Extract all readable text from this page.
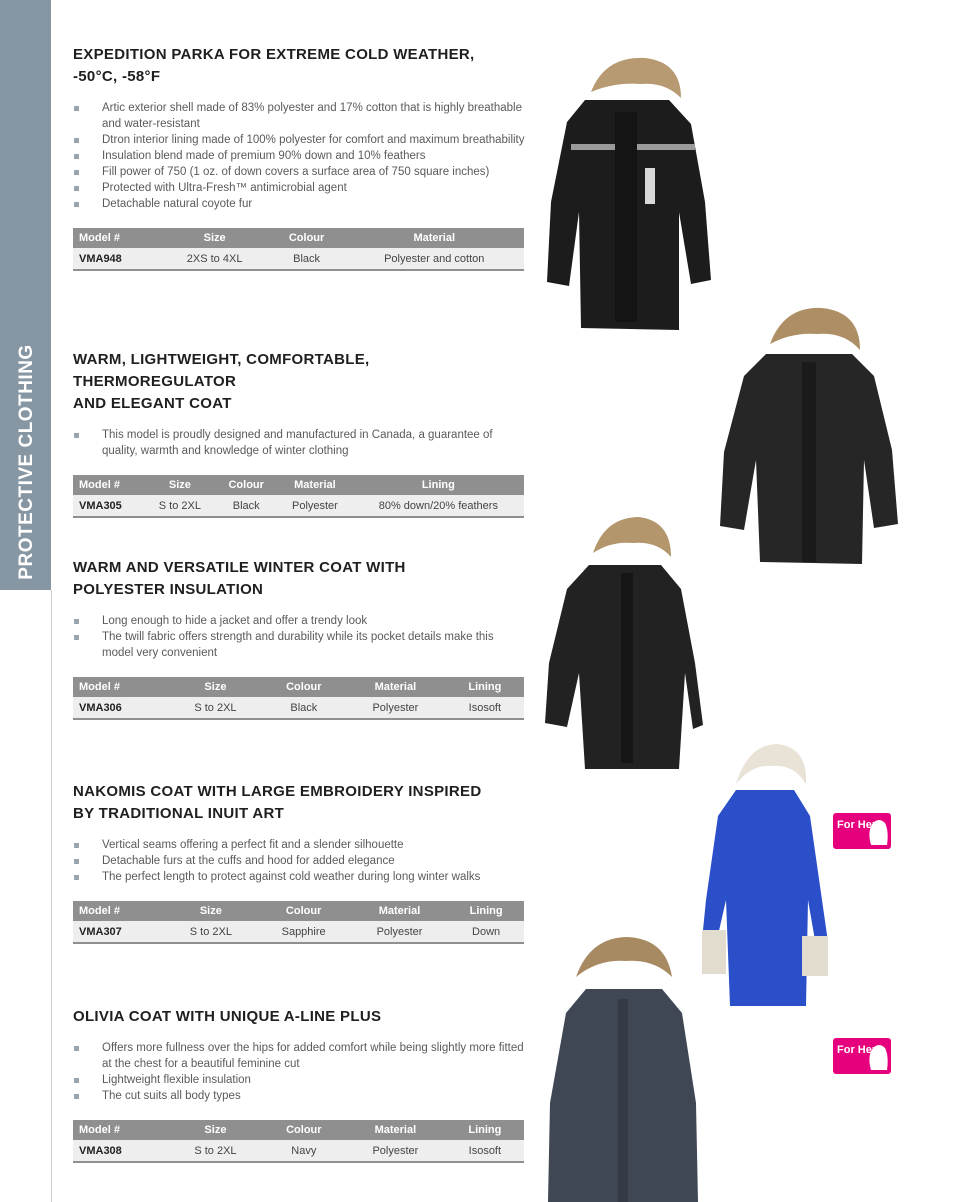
PROTECTIVE CLOTHING
EXPEDITION PARKA FOR EXTREME COLD WEATHER,
-50°C, -58°F
Artic exterior shell made of 83% polyester and 17% cotton that is highly breathable and water-resistant
Dtron interior lining made of 100% polyester for comfort and maximum breathability
Insulation blend made of premium 90% down and 10% feathers
Fill power of 750 (1 oz. of down covers a surface area of 750 square inches)
Protected with Ultra-Fresh™ antimicrobial agent
Detachable natural coyote fur
Model #	Size	Colour	Material
VMA948	2XS to 4XL	Black	Polyester and cotton
WARM, LIGHTWEIGHT, COMFORTABLE, THERMOREGULATOR
AND ELEGANT COAT
This model is proudly designed and manufactured in Canada, a guarantee of quality, warmth and knowledge of winter clothing
Model #	Size	Colour	Material	Lining
VMA305	S to 2XL	Black	Polyester	80% down/20% feathers
WARM AND VERSATILE WINTER COAT WITH
POLYESTER INSULATION
Long enough to hide a jacket and offer a trendy look
The twill fabric offers strength and durability while its pocket details make this model very convenient
Model #	Size	Colour	Material	Lining
VMA306	S to 2XL	Black	Polyester	Isosoft
NAKOMIS COAT WITH LARGE EMBROIDERY INSPIRED
BY TRADITIONAL INUIT ART
Vertical seams offering a perfect fit and a slender silhouette
Detachable furs at the cuffs and hood for added elegance
The perfect length to protect against cold weather during long winter walks
Model #	Size	Colour	Material	Lining
VMA307	S to 2XL	Sapphire	Polyester	Down
OLIVIA COAT WITH UNIQUE A-LINE PLUS
Offers more fullness over the hips for added comfort while being slightly more fitted at the chest for a beautiful feminine cut
Lightweight flexible insulation
The cut suits all body types
Model #	Size	Colour	Material	Lining
VMA308	S to 2XL	Navy	Polyester	Isosoft
For Her
For Her
